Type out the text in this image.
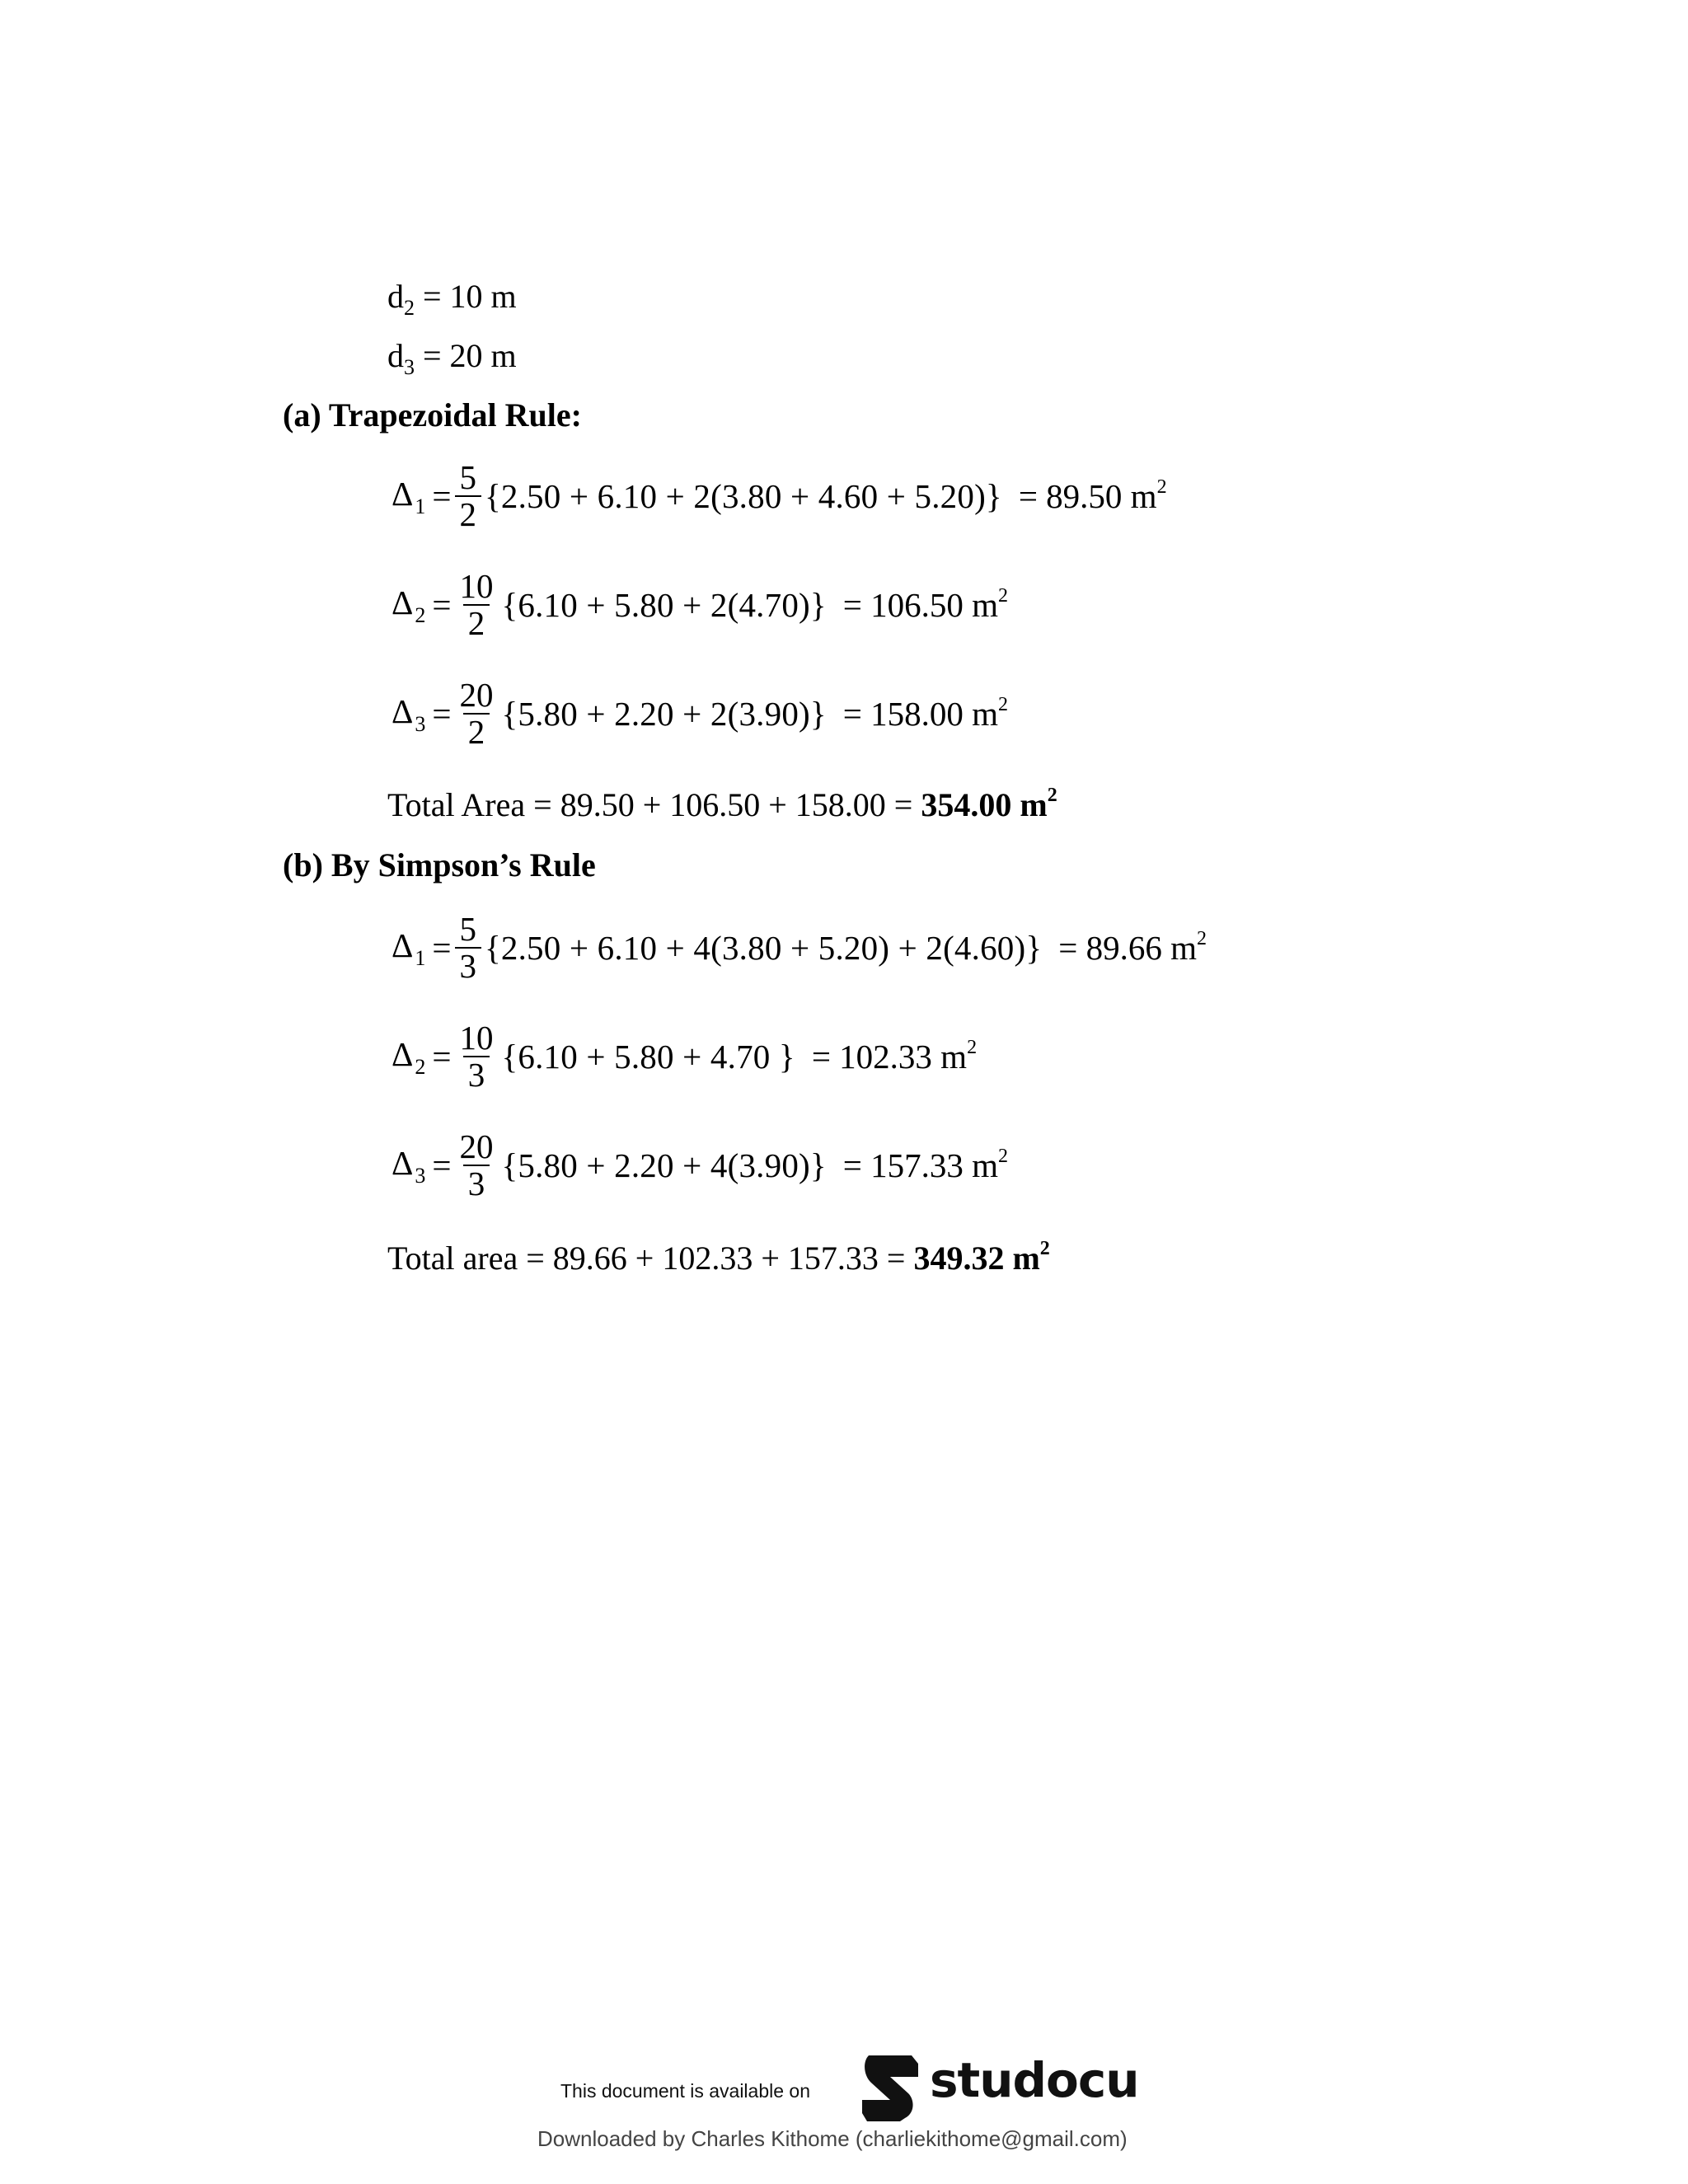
$d_2 = 10$ m
$d_3 = 20$ m
(a) Trapezoidal Rule:
$\Delta_1 = \frac{5}{2} \{2.50 + 6.10 + 2(3.80 + 4.60 + 5.20)\} = 89.50$ $m^2$
$\Delta_2 = \frac{10}{2} \{6.10 + 5.80 + 2(4.70)\} = 106.50$ $m^2$
$\Delta_3 = \frac{20}{2} \{5.80 + 2.20 + 2(3.90)\} = 158.00$ $m^2$
Total Area = 89.50 + 106.50 + 158.00 = 354.00 $m^2$
(b) By Simpson’s Rule
$\Delta_1 = \frac{5}{3} \{2.50 + 6.10 + 4(3.80 + 5.20) + 2(4.60)\} = 89.66$ $m^2$
$\Delta_2 = \frac{10}{3} \{6.10 + 5.80 + 4.70$ } = 102.33 $m^2$
$\Delta_3 = \frac{20}{3} \{5.80 + 2.20 + 4(3.90)\} = 157.33$ $m^2$
Total area = 89.66 + 102.33 + 157.33 = 349.32 $m^2$
This document is available on	studocu
Downloaded by Charles Kithome (charliekithome@gmail.com)
